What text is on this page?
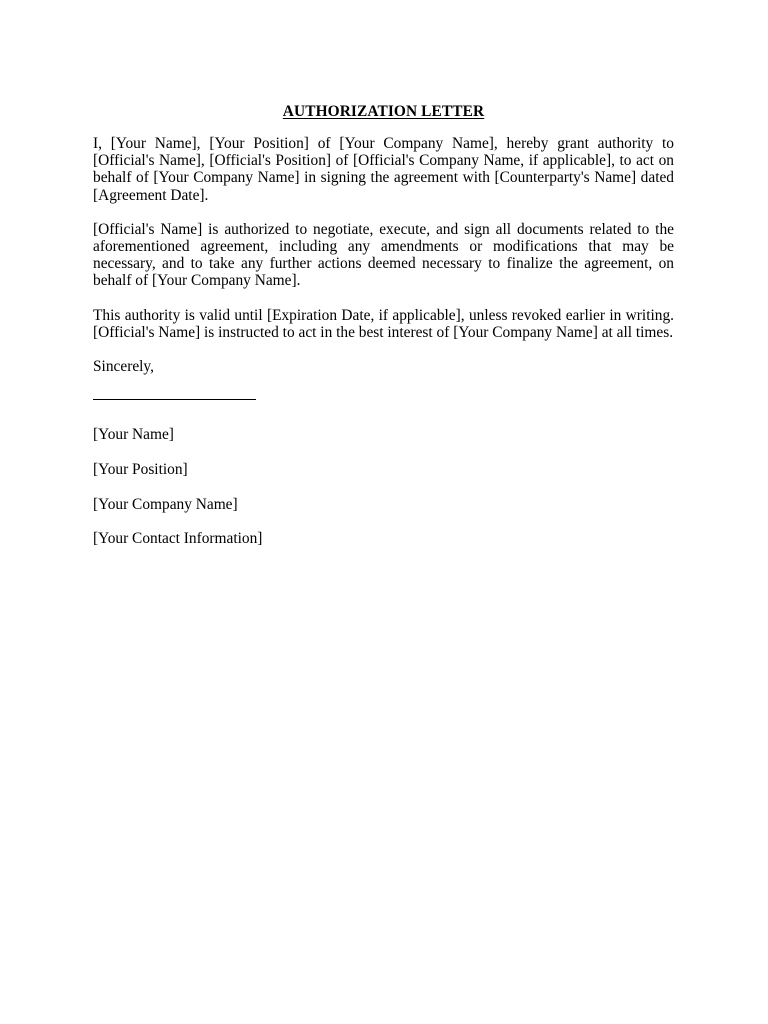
AUTHORIZATION LETTER

I, [Your Name], [Your Position] of [Your Company Name], hereby grant authority to [Official's Name], [Official's Position] of [Official's Company Name, if applicable], to act on behalf of [Your Company Name] in signing the agreement with [Counterparty's Name] dated [Agreement Date].

[Official's Name] is authorized to negotiate, execute, and sign all documents related to the aforementioned agreement, including any amendments or modifications that may be necessary, and to take any further actions deemed necessary to finalize the agreement, on behalf of [Your Company Name].

This authority is valid until [Expiration Date, if applicable], unless revoked earlier in writing. [Official's Name] is instructed to act in the best interest of [Your Company Name] at all times.

Sincerely,
[Your Name]
[Your Position]
[Your Company Name]
[Your Contact Information]
